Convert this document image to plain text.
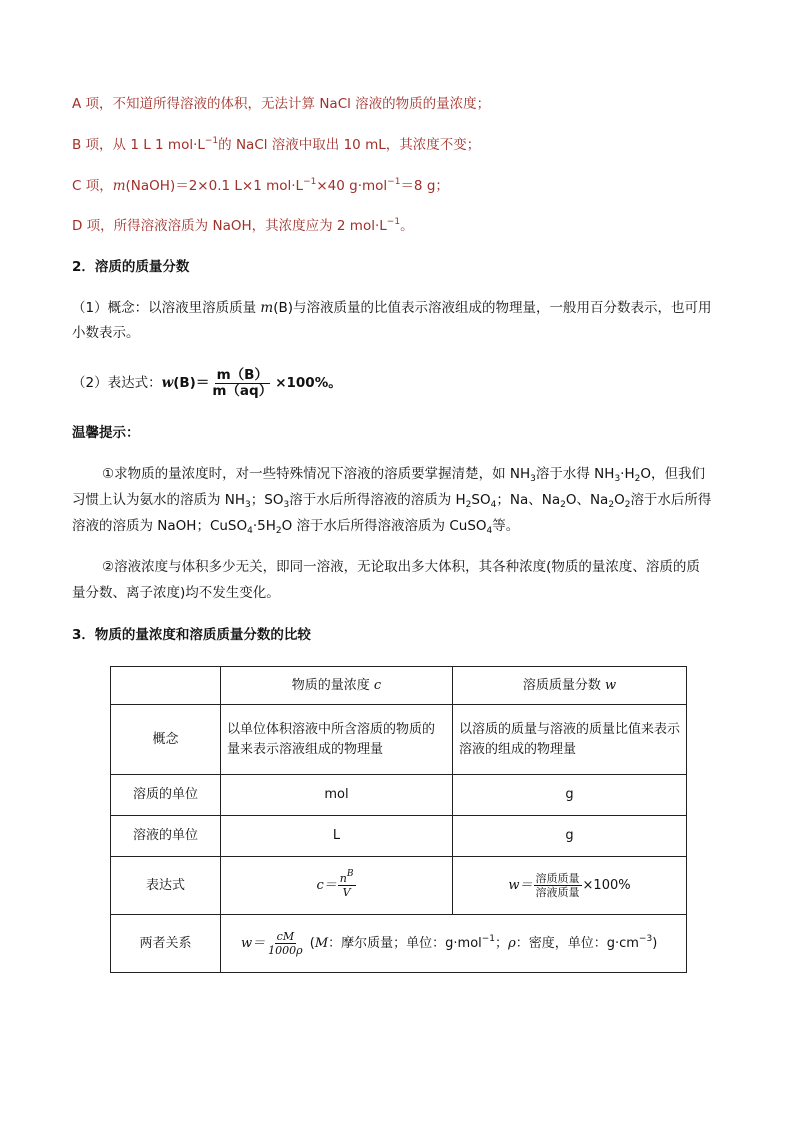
A 项，不知道所得溶液的体积，无法计算 NaCl 溶液的物质的量浓度；
B 项，从 1 L 1 $mol\cdot L^{-1}$的 NaCl 溶液中取出 10 mL，其浓度不变；
C 项，m(NaOH)＝2×0.1 L×1 $mol\cdot L^{-1}\times 40$ g·mol$^{-1}$＝8 g；
D 项，所得溶液溶质为 NaOH，其浓度应为 2 $mol\cdot L^{-1}$。
2．溶质的质量分数
（1）概念：以溶液里溶质质量 m(B)与溶液质量的比值表示溶液组成的物理量，一般用百分数表示，也可用
小数表示。
（2）表达式：$w(B)= \frac{m(B)}{m(aq)} \times 100\%$。
温馨提示：
①求物质的量浓度时，对一些特殊情况下溶液的溶质要掌握清楚，如 $NH_3$溶于水得 $NH_3\cdot H_2O$，但我们
习惯上认为氨水的溶质为 $NH_3$；$SO_3$溶于水后所得溶液的溶质为 $H_2SO_4$；Na、$Na_2O$、$Na_2O_2$溶于水后所得
溶液的溶质为 NaOH；$CuSO_4\cdot 5H_2O$ 溶于水后所得溶液溶质为 CuSO$_4$等。
②溶液浓度与体积多少无关，即同一溶液，无论取出多大体积，其各种浓度(物质的量浓度、溶质的质
量分数、离子浓度)均不发生变化。
3．物质的量浓度和溶质质量分数的比较
	物质的量浓度 c	溶质质量分数 w
概念	以单位体积溶液中所含溶质的物质的量来表示溶液组成的物理量	以溶质的质量与溶液的质量比值来表示溶液的组成的物理量
溶质的单位	mol	g
溶液的单位	L	g
表达式	$c= \frac{n^B}{V}$	$w= \frac{\text{溶质质量}}{\text{溶液质量}} \times 100\%$
两者关系	$w= \frac{cM}{1000\rho} (M$：摩尔质量；单位：g·mol$^{-1}$；ρ：密度，单位：$g\cdot cm^{-3}$)	
